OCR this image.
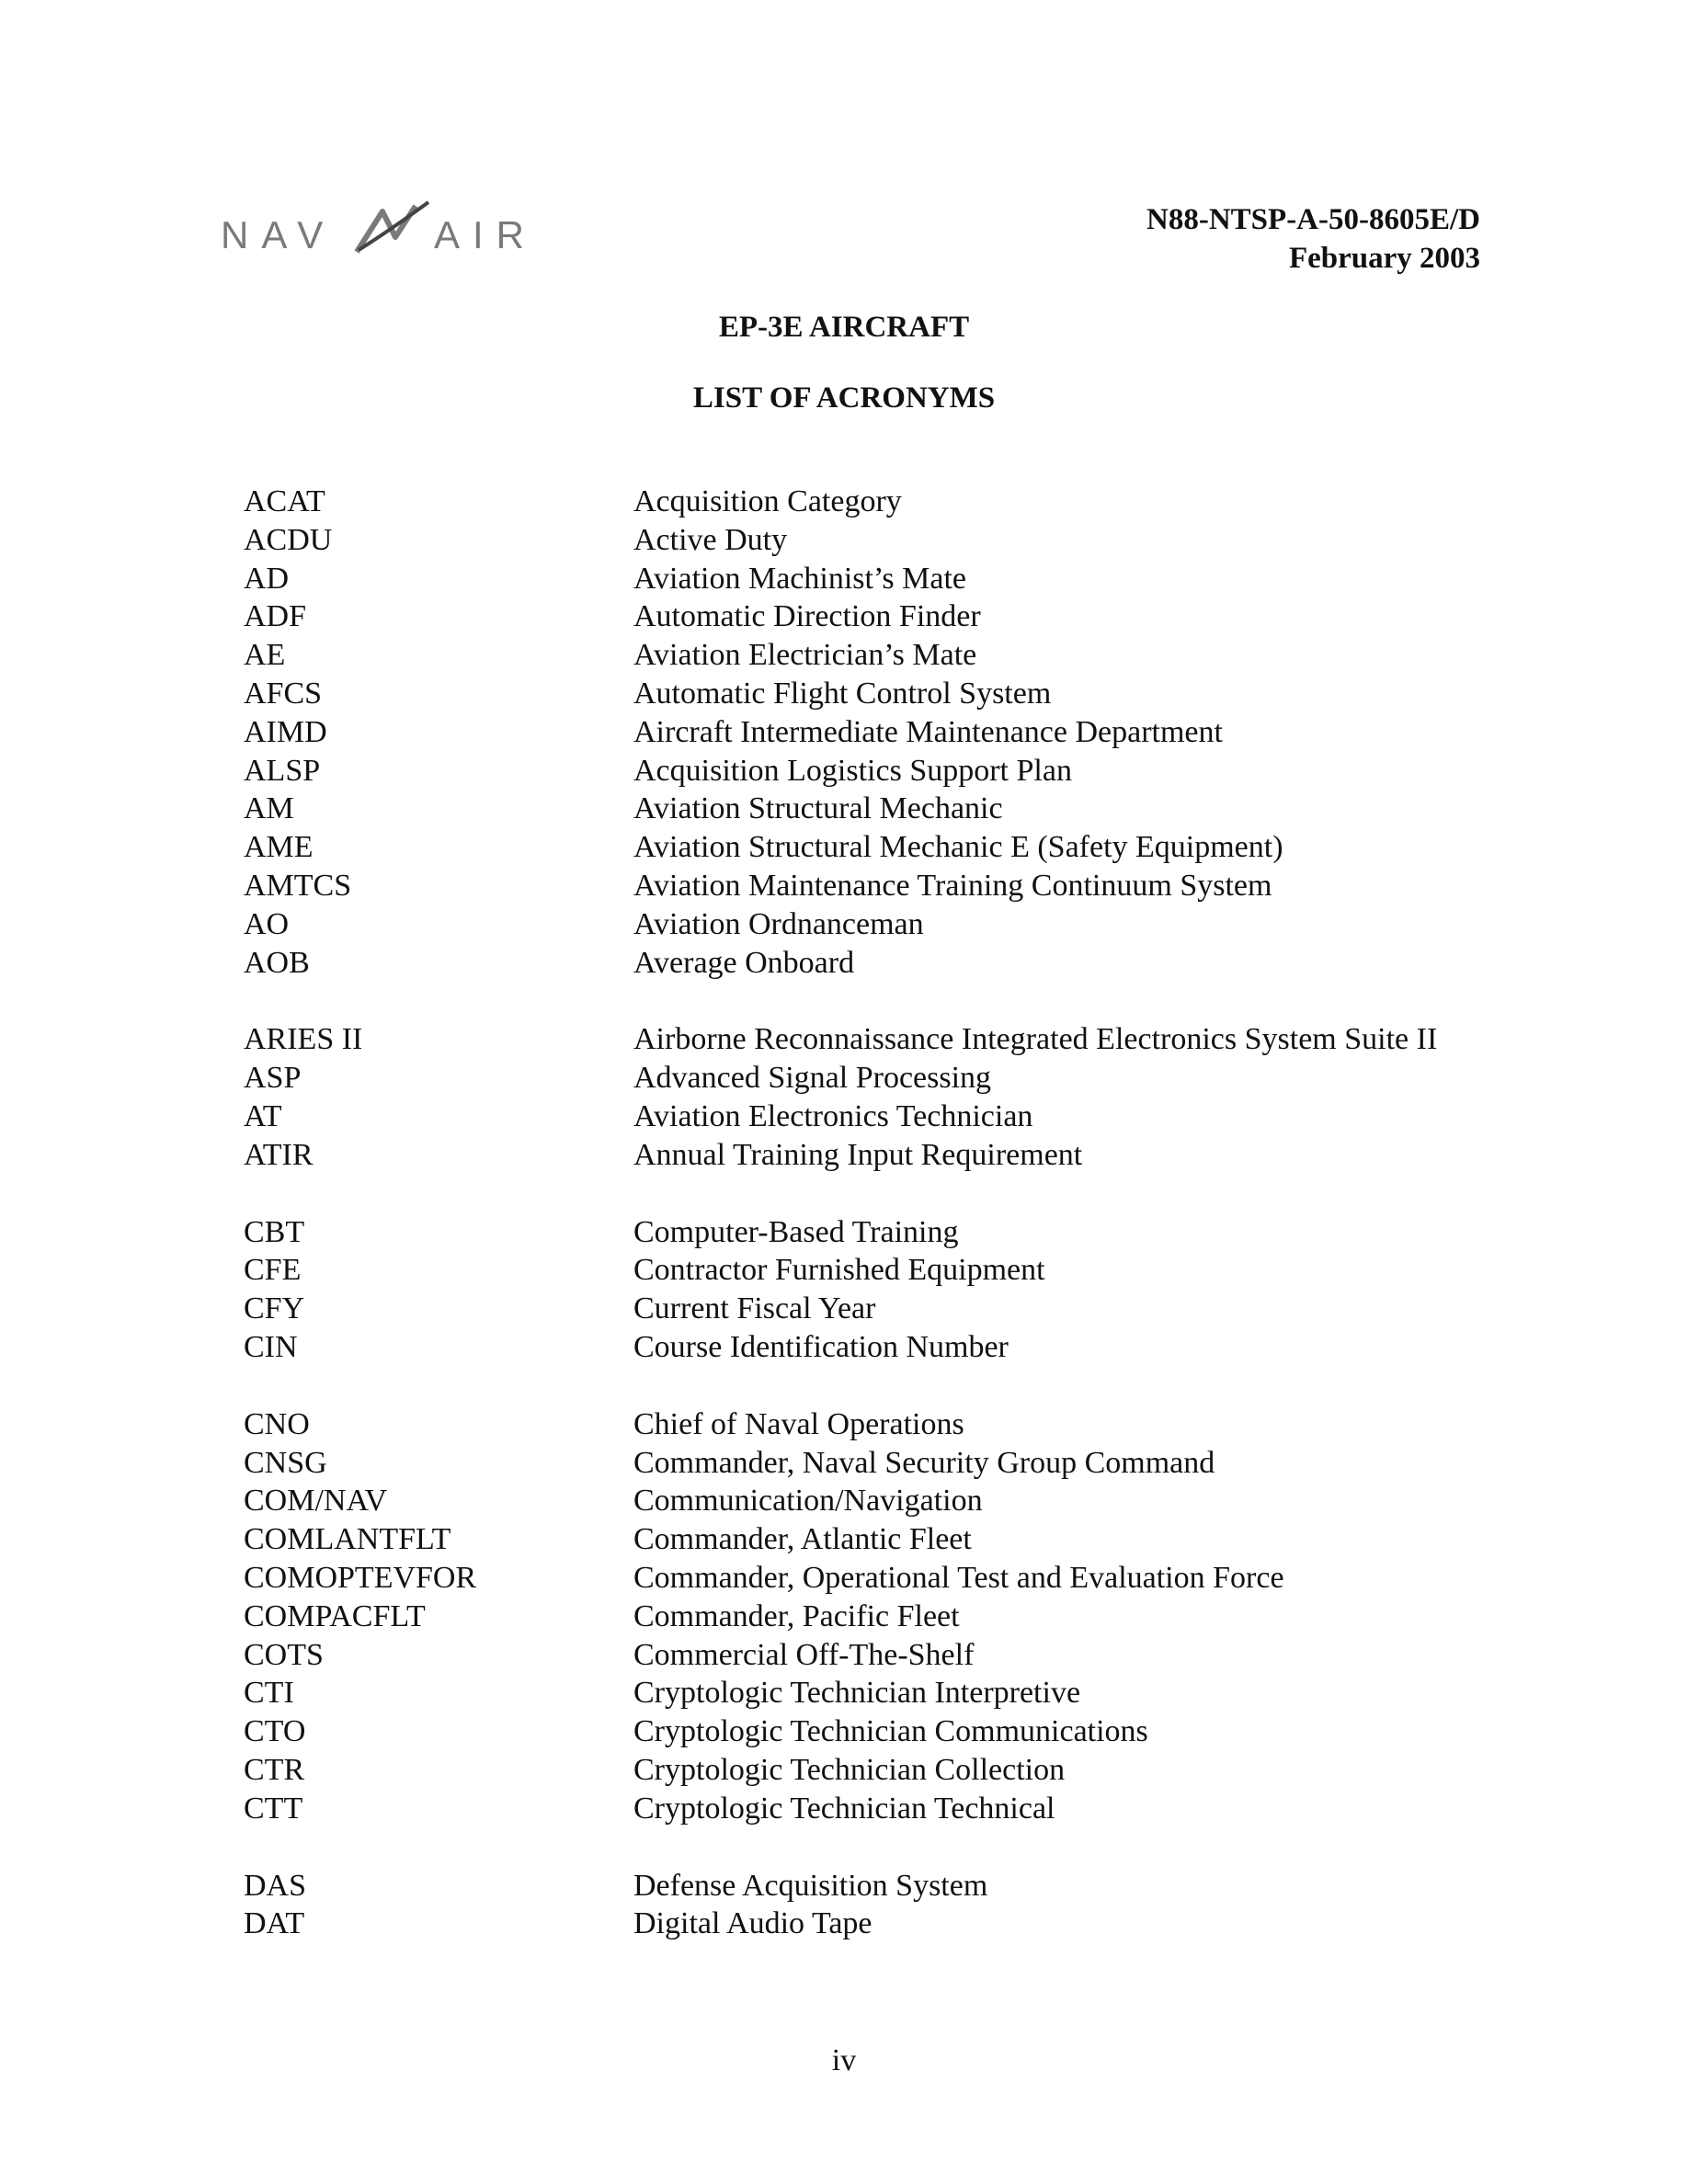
NAV	AIR	N88-NTSP-A-50-8605E/D
February 2003
EP-3E AIRCRAFT
LIST OF ACRONYMS
ACAT	Acquisition Category
ACDU	Active Duty
AD	Aviation Machinist’s Mate
ADF	Automatic Direction Finder
AE	Aviation Electrician’s Mate
AFCS	Automatic Flight Control System
AIMD	Aircraft Intermediate Maintenance Department
ALSP	Acquisition Logistics Support Plan
AM	Aviation Structural Mechanic
AME	Aviation Structural Mechanic E (Safety Equipment)
AMTCS	Aviation Maintenance Training Continuum System
AO	Aviation Ordnanceman
AOB	Average Onboard
ARIES II	Airborne Reconnaissance Integrated Electronics System Suite II
ASP	Advanced Signal Processing
AT	Aviation Electronics Technician
ATIR	Annual Training Input Requirement
CBT	Computer-Based Training
CFE	Contractor Furnished Equipment
CFY	Current Fiscal Year
CIN	Course Identification Number
CNO	Chief of Naval Operations
CNSG	Commander, Naval Security Group Command
COM/NAV	Communication/Navigation
COMLANTFLT	Commander, Atlantic Fleet
COMOPTEVFOR	Commander, Operational Test and Evaluation Force
COMPACFLT	Commander, Pacific Fleet
COTS	Commercial Off-The-Shelf
CTI	Cryptologic Technician Interpretive
CTO	Cryptologic Technician Communications
CTR	Cryptologic Technician Collection
CTT	Cryptologic Technician Technical
DAS	Defense Acquisition System
DAT	Digital Audio Tape
iv
